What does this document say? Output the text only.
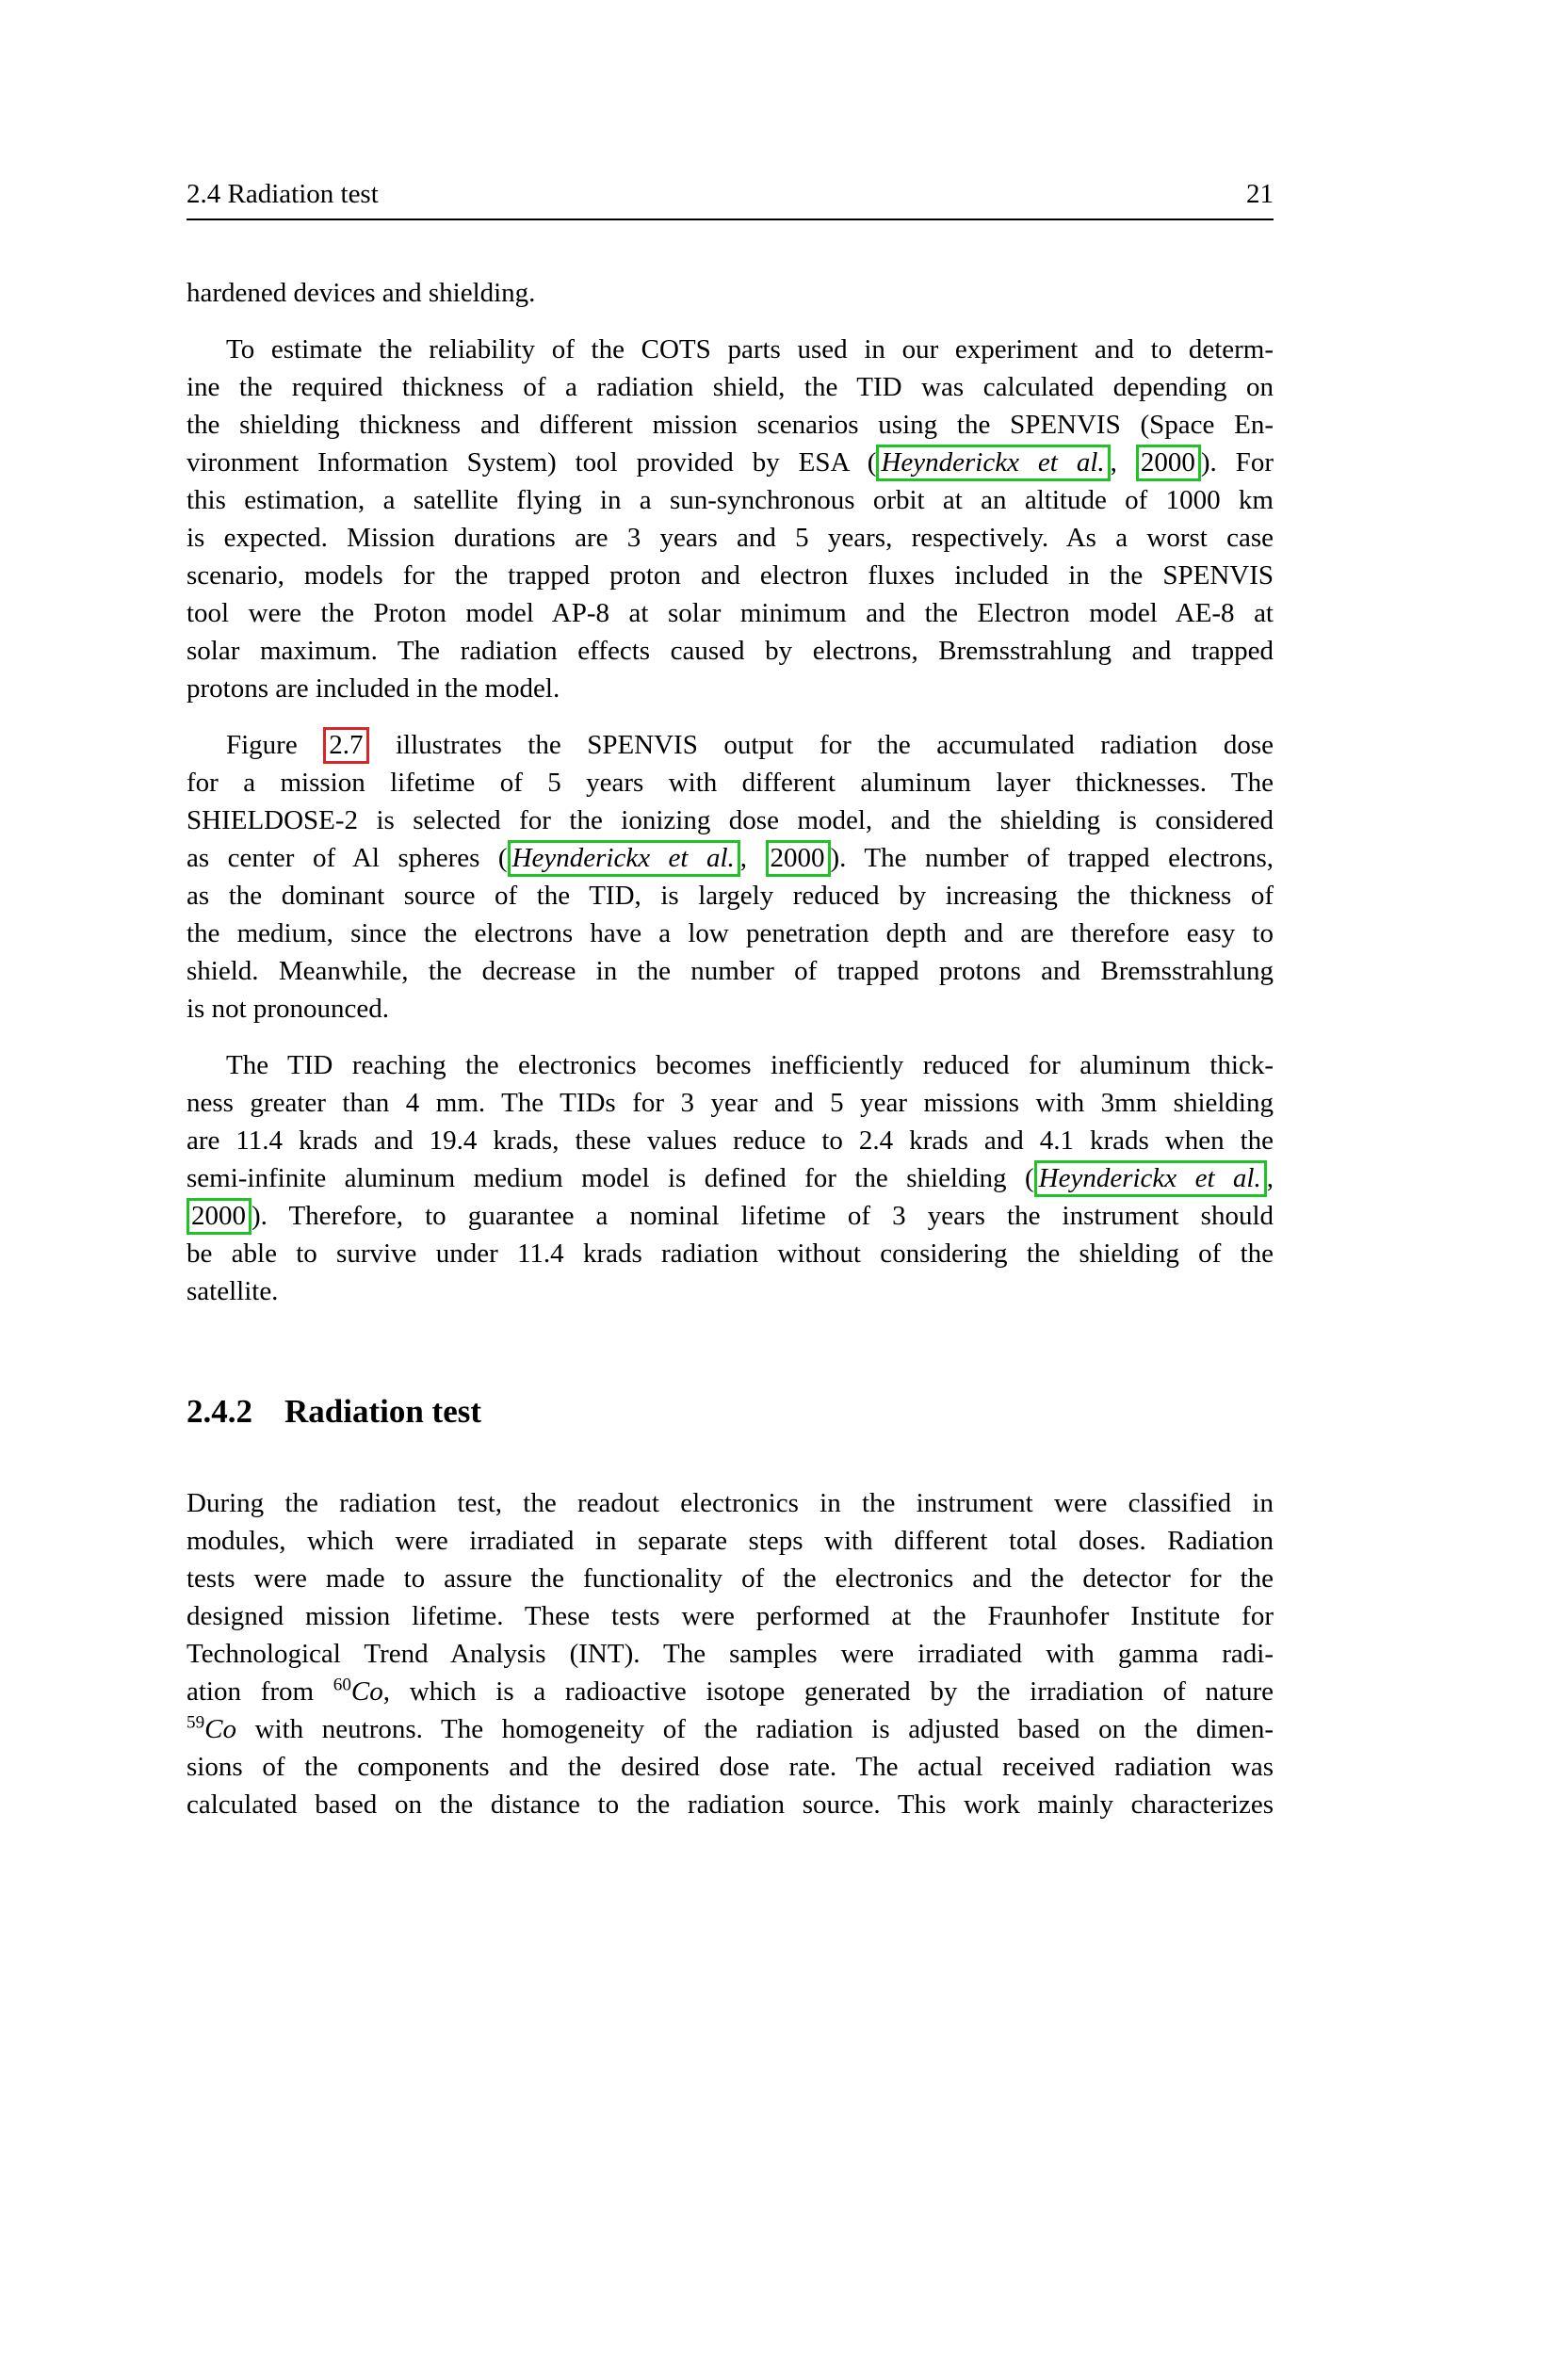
2.4 Radiation test	21
hardened devices and shielding.
To estimate the reliability of the COTS parts used in our experiment and to determ-
ine the required thickness of a radiation shield, the TID was calculated depending on
the shielding thickness and different mission scenarios using the SPENVIS (Space En-
vironment Information System) tool provided by ESA ( Heynderickx et al. , 2000 ). For
this estimation, a satellite flying in a sun-synchronous orbit at an altitude of 1000 km
is expected. Mission durations are 3 years and 5 years, respectively. As a worst case
scenario, models for the trapped proton and electron fluxes included in the SPENVIS
tool were the Proton model AP-8 at solar minimum and the Electron model AE-8 at
solar maximum. The radiation effects caused by electrons, Bremsstrahlung and trapped
protons are included in the model.
Figure 2.7 illustrates the SPENVIS output for the accumulated radiation dose
for a mission lifetime of 5 years with different aluminum layer thicknesses. The
SHIELDOSE-2 is selected for the ionizing dose model, and the shielding is considered
as center of Al spheres ( Heynderickx et al. , 2000 ). The number of trapped electrons,
as the dominant source of the TID, is largely reduced by increasing the thickness of
the medium, since the electrons have a low penetration depth and are therefore easy to
shield. Meanwhile, the decrease in the number of trapped protons and Bremsstrahlung
is not pronounced.
The TID reaching the electronics becomes inefficiently reduced for aluminum thick-
ness greater than 4 mm. The TIDs for 3 year and 5 year missions with 3mm shielding
are 11.4 krads and 19.4 krads, these values reduce to 2.4 krads and 4.1 krads when the
semi-infinite aluminum medium model is defined for the shielding ( Heynderickx et al. ,
2000 ). Therefore, to guarantee a nominal lifetime of 3 years the instrument should
be able to survive under 11.4 krads radiation without considering the shielding of the
satellite.
2.4.2 Radiation test
During the radiation test, the readout electronics in the instrument were classified in
modules, which were irradiated in separate steps with different total doses. Radiation
tests were made to assure the functionality of the electronics and the detector for the
designed mission lifetime. These tests were performed at the Fraunhofer Institute for
Technological Trend Analysis (INT). The samples were irradiated with gamma radi-
ation from $^{60}$Co, which is a radioactive isotope generated by the irradiation of nature
$^{59}$Co with neutrons. The homogeneity of the radiation is adjusted based on the dimen-
sions of the components and the desired dose rate. The actual received radiation was
calculated based on the distance to the radiation source. This work mainly characterizes
